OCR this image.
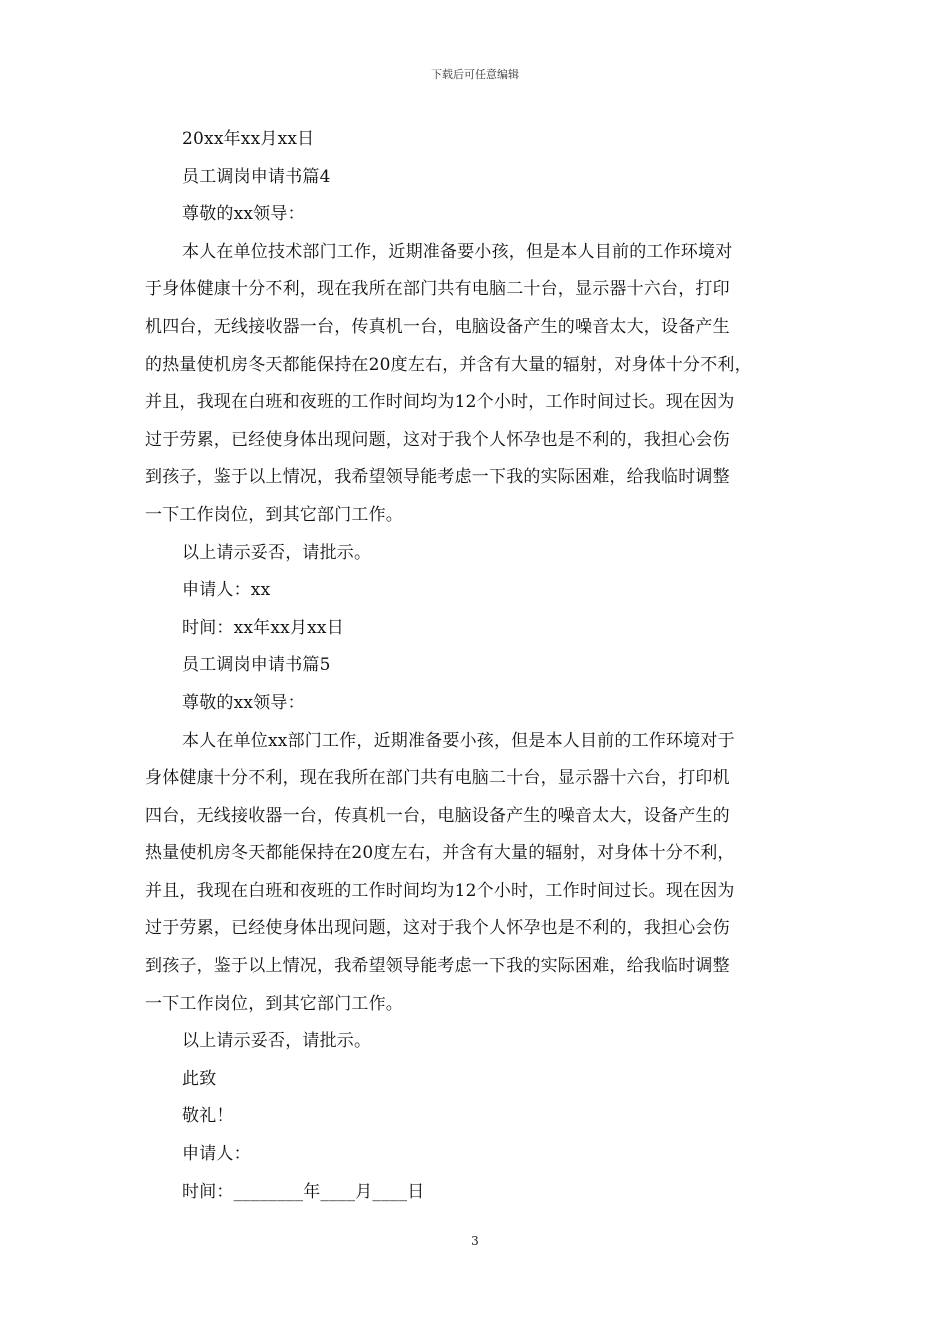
下载后可任意编辑
20xx年xx月xx日
员工调岗申请书篇4
尊敬的xx领导：
本人在单位技术部门工作，近期准备要小孩，但是本人目前的工作环境对
于身体健康十分不利，现在我所在部门共有电脑二十台，显示器十六台，打印
机四台，无线接收器一台，传真机一台，电脑设备产生的噪音太大，设备产生
的热量使机房冬天都能保持在20度左右，并含有大量的辐射，对身体十分不利，
并且，我现在白班和夜班的工作时间均为12个小时，工作时间过长。现在因为
过于劳累，已经使身体出现问题，这对于我个人怀孕也是不利的，我担心会伤
到孩子，鉴于以上情况，我希望领导能考虑一下我的实际困难，给我临时调整
一下工作岗位，到其它部门工作。
以上请示妥否，请批示。
申请人：xx
时间：xx年xx月xx日
员工调岗申请书篇5
尊敬的xx领导：
本人在单位xx部门工作，近期准备要小孩，但是本人目前的工作环境对于
身体健康十分不利，现在我所在部门共有电脑二十台，显示器十六台，打印机
四台，无线接收器一台，传真机一台，电脑设备产生的噪音太大，设备产生的
热量使机房冬天都能保持在20度左右，并含有大量的辐射，对身体十分不利，
并且，我现在白班和夜班的工作时间均为12个小时，工作时间过长。现在因为
过于劳累，已经使身体出现问题，这对于我个人怀孕也是不利的，我担心会伤
到孩子，鉴于以上情况，我希望领导能考虑一下我的实际困难，给我临时调整
一下工作岗位，到其它部门工作。
以上请示妥否，请批示。
此致
敬礼！
申请人：
时间：________年____月____日
3
